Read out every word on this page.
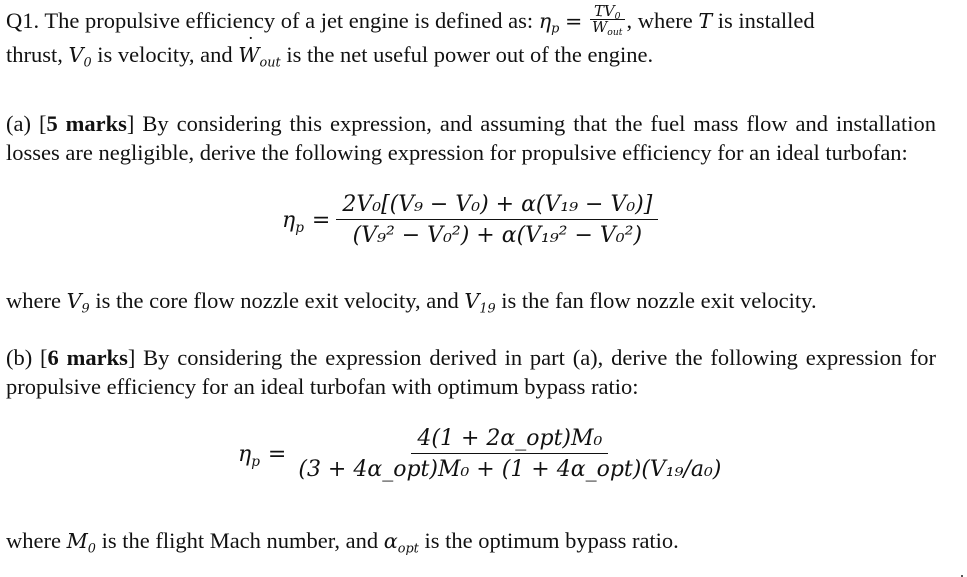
Q1. The propulsive efficiency of a jet engine is defined as: $\eta_p = TV_0$
W $˙_{out}$
, where T is installed
thrust, $V_0$ is velocity, and W $˙_{out}$ is the net useful power out of the engine.

(a) [5 marks] By considering this expression, and assuming that the fuel mass flow and installation losses are negligible, derive the following expression for propulsive efficiency for an ideal turbofan:

$\eta_p = \frac{\text{2V₀[(V₉ − V₀) + α(V₁₉ − V₀)]}}{\text{(V₉² − V₀²) + α(V₁₉² − V₀²)}}$

where $V_9$ is the core flow nozzle exit velocity, and $V_{19}$ is the fan flow nozzle exit velocity.

(b) [6 marks] By considering the expression derived in part (a), derive the following expression for propulsive efficiency for an ideal turbofan with optimum bypass ratio:

$\eta_p$ =
4(1 + 2α_opt)M₀
(3 + 4α_opt)M₀ + (1 + 4α_opt)(V₁₉/a₀)

where $M_0$ is the flight Mach number, and $\alpha_{opt}$ is the optimum bypass ratio.
